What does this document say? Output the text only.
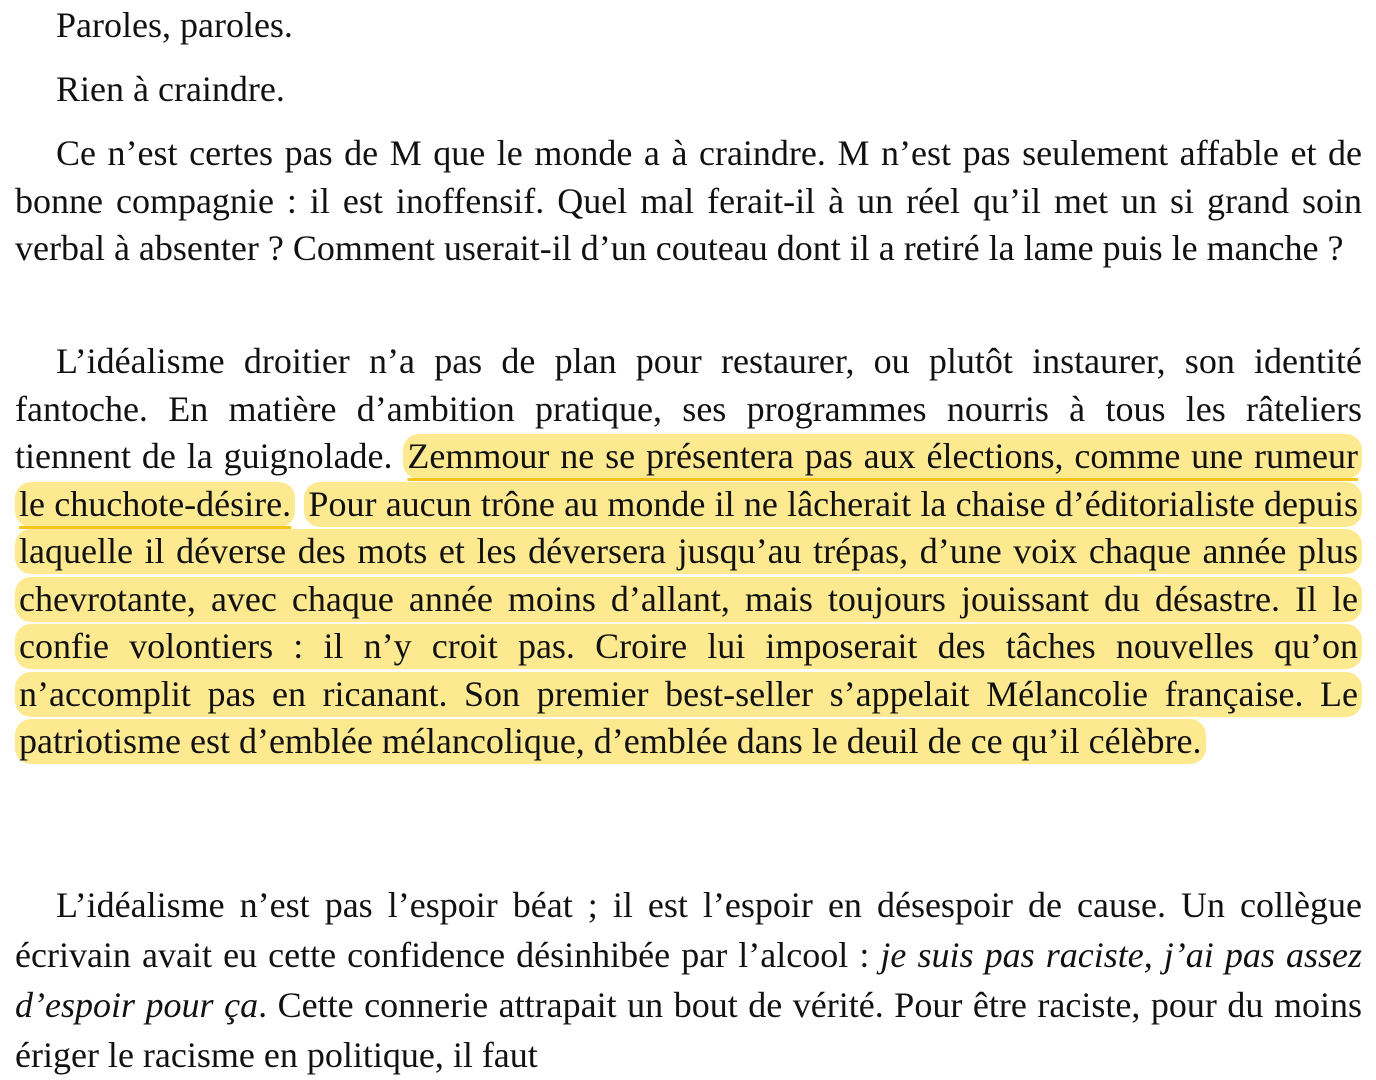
Paroles, paroles.

Rien à craindre.

Ce n’est certes pas de M que le monde a à craindre. M n’est pas seulement affable et de bonne compagnie : il est inoffensif. Quel mal ferait-il à un réel qu’il met un si grand soin verbal à absenter ? Comment userait-il d’un couteau dont il a retiré la lame puis le manche ?

L’idéalisme droitier n’a pas de plan pour restaurer, ou plutôt instaurer, son identité fantoche. En matière d’ambition pratique, ses programmes nourris à tous les râteliers tiennent de la guignolade. Zemmour ne se présentera pas aux élections, comme une rumeur le chuchote-désire. Pour aucun trône au monde il ne lâcherait la chaise d’éditorialiste depuis laquelle il déverse des mots et les déversera jusqu’au trépas, d’une voix chaque année plus chevrotante, avec chaque année moins d’allant, mais toujours jouissant du désastre. Il le confie volontiers : il n’y croit pas. Croire lui imposerait des tâches nouvelles qu’on n’accomplit pas en ricanant. Son premier best-seller s’appelait Mélancolie française. Le patriotisme est d’emblée mélancolique, d’emblée dans le deuil de ce qu’il célèbre.

L’idéalisme n’est pas l’espoir béat ; il est l’espoir en désespoir de cause. Un collègue écrivain avait eu cette confidence désinhibée par l’alcool : je suis pas raciste, j’ai pas assez d’espoir pour ça. Cette connerie attrapait un bout de vérité. Pour être raciste, pour du moins ériger le racisme en politique, il faut
